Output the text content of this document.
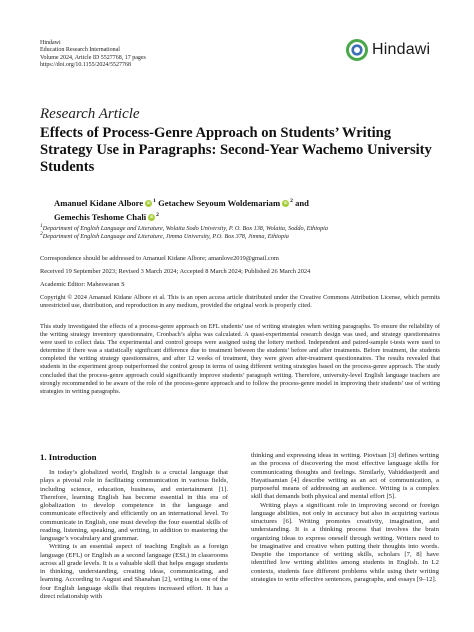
Hindawi
Education Research International
Volume 2024, Article ID 5527768, 17 pages
https://doi.org/10.1155/2024/5527768
Hindawi
Research Article
Effects of Process-Genre Approach on Students’ Writing Strategy Use in Paragraphs: Second-Year Wachemo University Students
Amanuel Kidane Albore iD $^1$ Getachew Seyoum Woldemariam iD $^2$ and
Gemechis Teshome Chali iD $^2$
$^1$Department of English Language and Literature, Wolaita Sodo University, P. O. Box 138, Wolaita, Soddo, Ethiopia
$^2$Department of English Language and Literature, Jimma University, P.O. Box 378, Jimma, Ethiopia
Correspondence should be addressed to Amanuel Kidane Albore; amanlove2019@gmail.com
Received 19 September 2023; Revised 3 March 2024; Accepted 8 March 2024; Published 26 March 2024
Academic Editor: Maheswaran S
Copyright © 2024 Amanuel Kidane Albore et al. This is an open access article distributed under the Creative Commons Attribution License, which permits unrestricted use, distribution, and reproduction in any medium, provided the original work is properly cited.
This study investigated the effects of a process-genre approach on EFL students’ use of writing strategies when writing paragraphs. To ensure the reliability of the writing strategy inventory questionnaire, Cronbach’s alpha was calculated. A quasi-experimental research design was used, and strategy questionnaires were used to collect data. The experimental and control groups were assigned using the lottery method. Independent and paired-sample t-tests were used to determine if there was a statistically significant difference due to treatment between the students’ before and after treatments. Before treatment, the students completed the writing strategy questionnaires, and after 12 weeks of treatment, they were given after-treatment questionnaires. The results revealed that students in the experiment group outperformed the control group in terms of using different writing strategies based on the process-genre approach. The study concluded that the process-genre approach could significantly improve students’ paragraph writing. Therefore, university-level English language teachers are strongly recommended to be aware of the role of the process-genre approach and to follow the process-genre model in improving their students’ use of writing strategies in writing paragraphs.
1. Introduction

In today’s globalized world, English is a crucial language that plays a pivotal role in facilitating communication in various fields, including science, education, business, and entertainment [1]. Therefore, learning English has become essential in this era of globalization to develop competence in the language and communicate effectively and efficiently on an international level. To communicate in English, one must develop the four essential skills of reading, listening, speaking, and writing, in addition to mastering the language’s vocabulary and grammar.

Writing is an essential aspect of teaching English as a foreign language (EFL) or English as a second language (ESL) in classrooms across all grade levels. It is a valuable skill that helps engage students in thinking, understanding, creating ideas, communicating, and learning. According to August and Shanahan [2], writing is one of the four English language skills that requires increased effort. It has a direct relationship with

thinking and expressing ideas in writing. Piovisan [3] defines writing as the process of discovering the most effective language skills for communicating thoughts and feelings. Similarly, Vahiddastjerdi and Hayatisamian [4] describe writing as an act of communication, a purposeful means of addressing an audience. Writing is a complex skill that demands both physical and mental effort [5].

Writing plays a significant role in improving second or foreign language abilities, not only in accuracy but also in acquiring various structures [6]. Writing promotes creativity, imagination, and understanding. It is a thinking process that involves the brain organizing ideas to express oneself through writing. Writers need to be imaginative and creative when putting their thoughts into words. Despite the importance of writing skills, scholars [7, 8] have identified low writing abilities among students in English. In L2 contexts, students face different problems while using their writing strategies to write effective sentences, paragraphs, and essays [9–12].
